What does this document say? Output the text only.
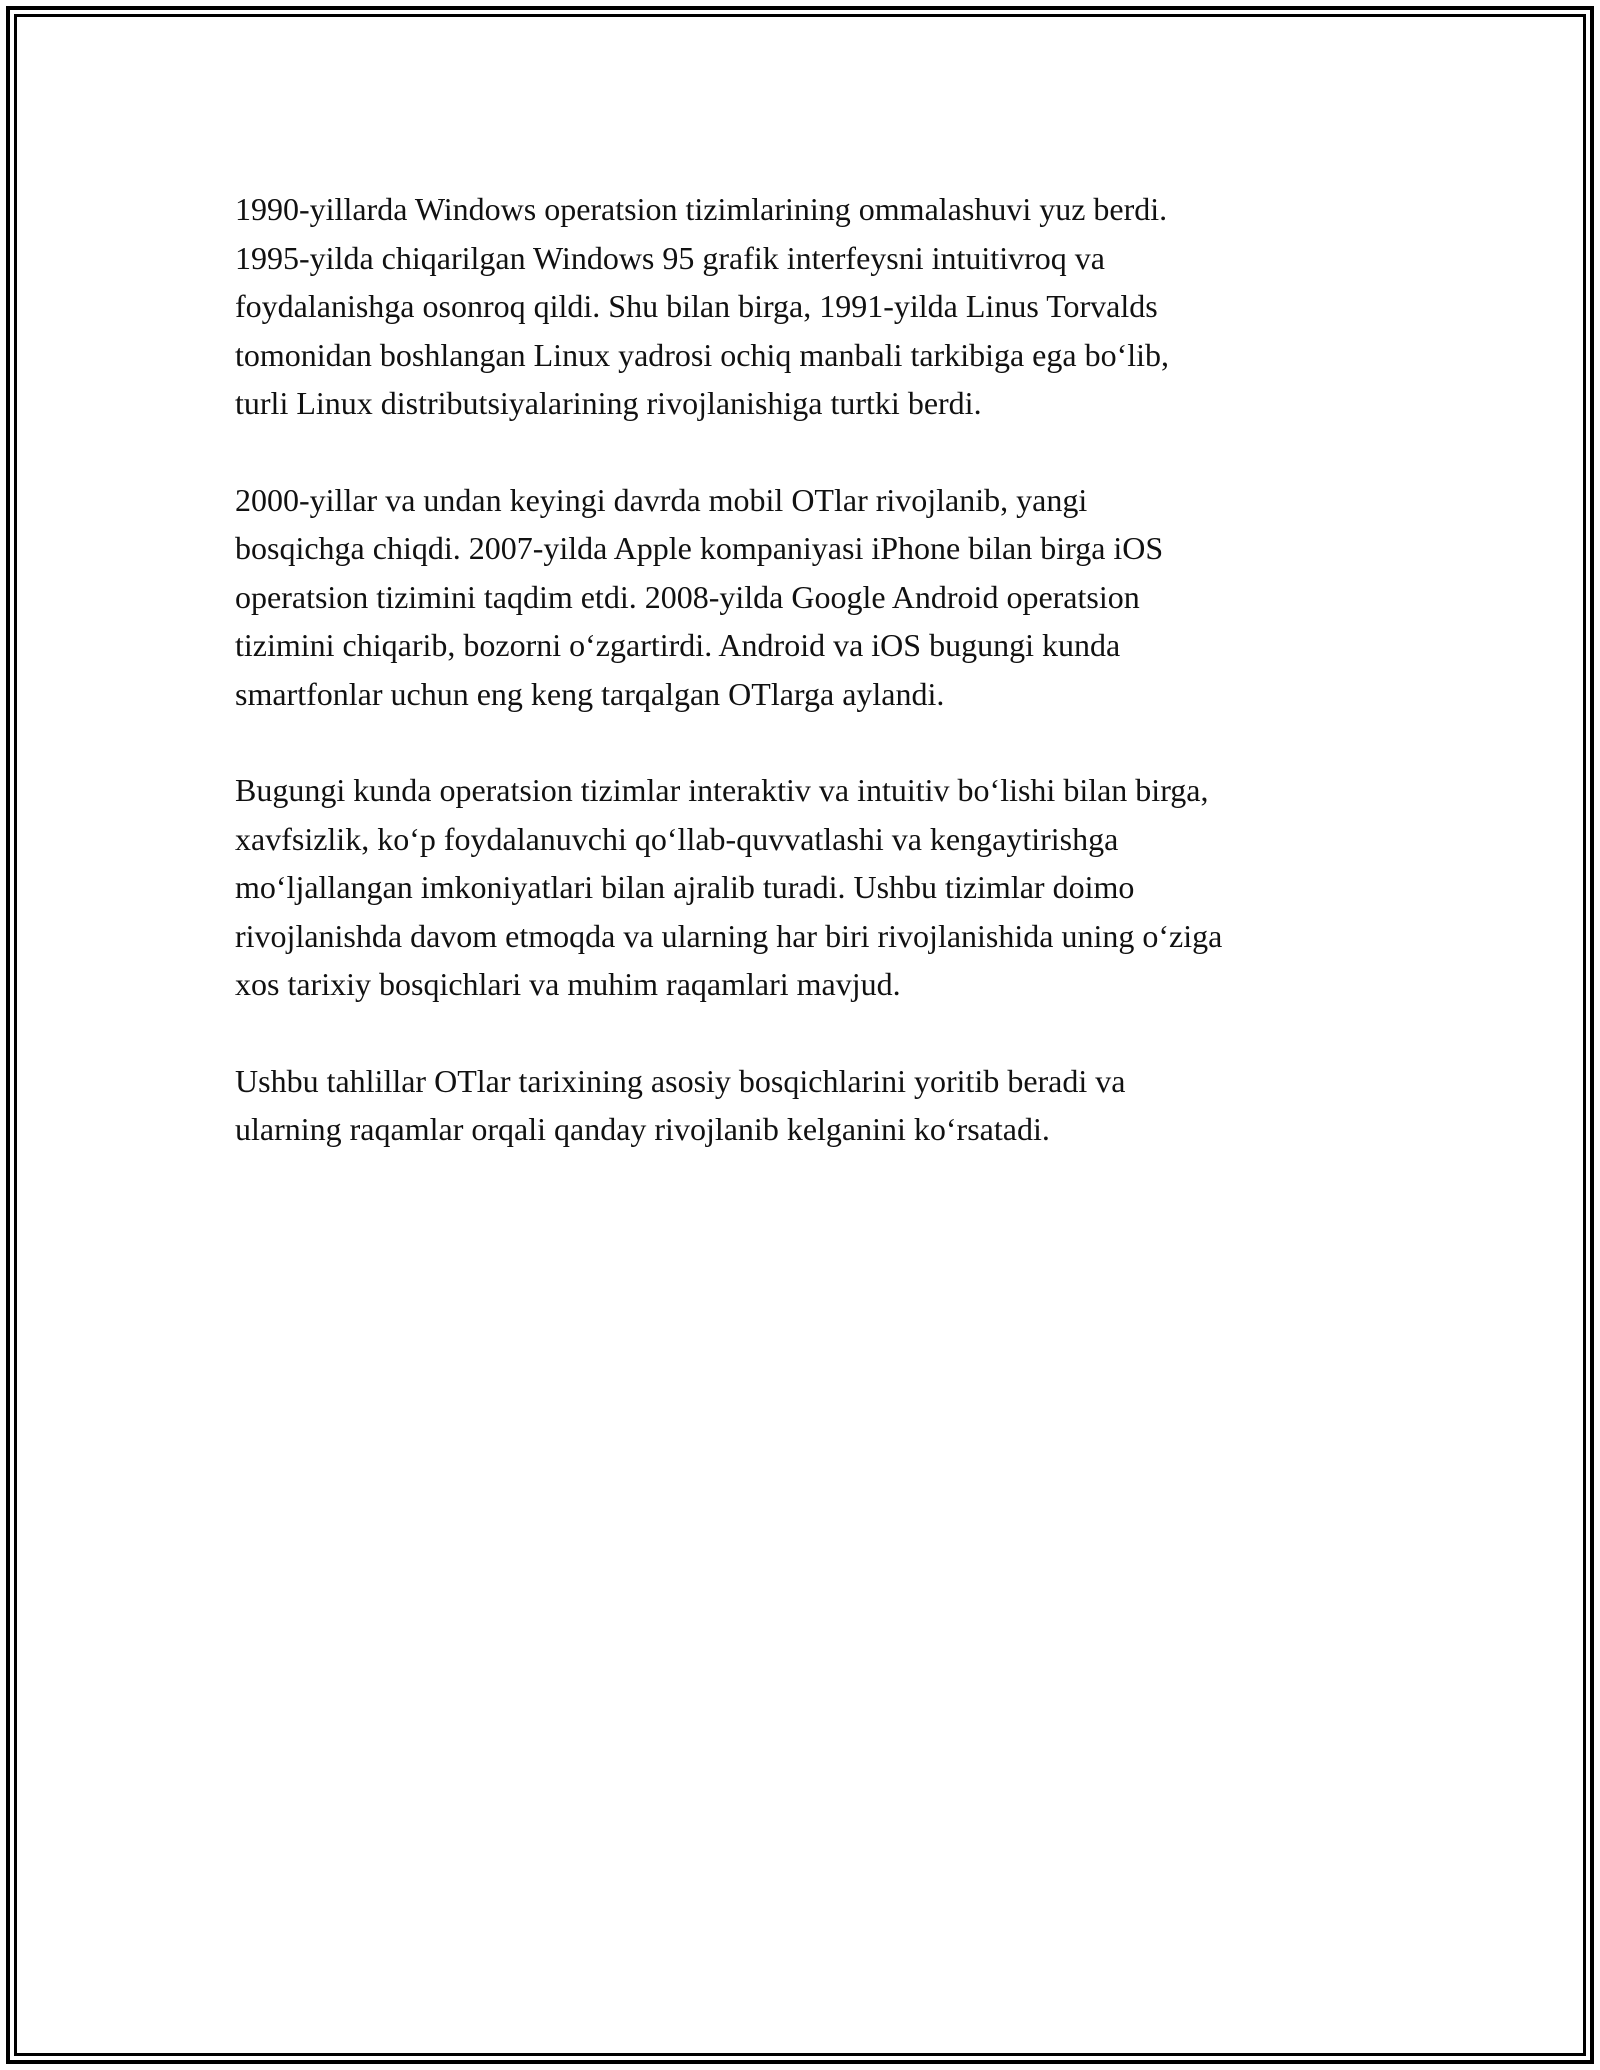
1990-yillarda Windows operatsion tizimlarining ommalashuvi yuz berdi.
1995-yilda chiqarilgan Windows 95 grafik interfeysni intuitivroq va
foydalanishga osonroq qildi. Shu bilan birga, 1991-yilda Linus Torvalds
tomonidan boshlangan Linux yadrosi ochiq manbali tarkibiga ega bo‘lib,
turli Linux distributsiyalarining rivojlanishiga turtki berdi.

2000-yillar va undan keyingi davrda mobil OTlar rivojlanib, yangi
bosqichga chiqdi. 2007-yilda Apple kompaniyasi iPhone bilan birga iOS
operatsion tizimini taqdim etdi. 2008-yilda Google Android operatsion
tizimini chiqarib, bozorni o‘zgartirdi. Android va iOS bugungi kunda
smartfonlar uchun eng keng tarqalgan OTlarga aylandi.

Bugungi kunda operatsion tizimlar interaktiv va intuitiv bo‘lishi bilan birga,
xavfsizlik, ko‘p foydalanuvchi qo‘llab-quvvatlashi va kengaytirishga
mo‘ljallangan imkoniyatlari bilan ajralib turadi. Ushbu tizimlar doimo
rivojlanishda davom etmoqda va ularning har biri rivojlanishida uning o‘ziga
xos tarixiy bosqichlari va muhim raqamlari mavjud.

Ushbu tahlillar OTlar tarixining asosiy bosqichlarini yoritib beradi va
ularning raqamlar orqali qanday rivojlanib kelganini ko‘rsatadi.
